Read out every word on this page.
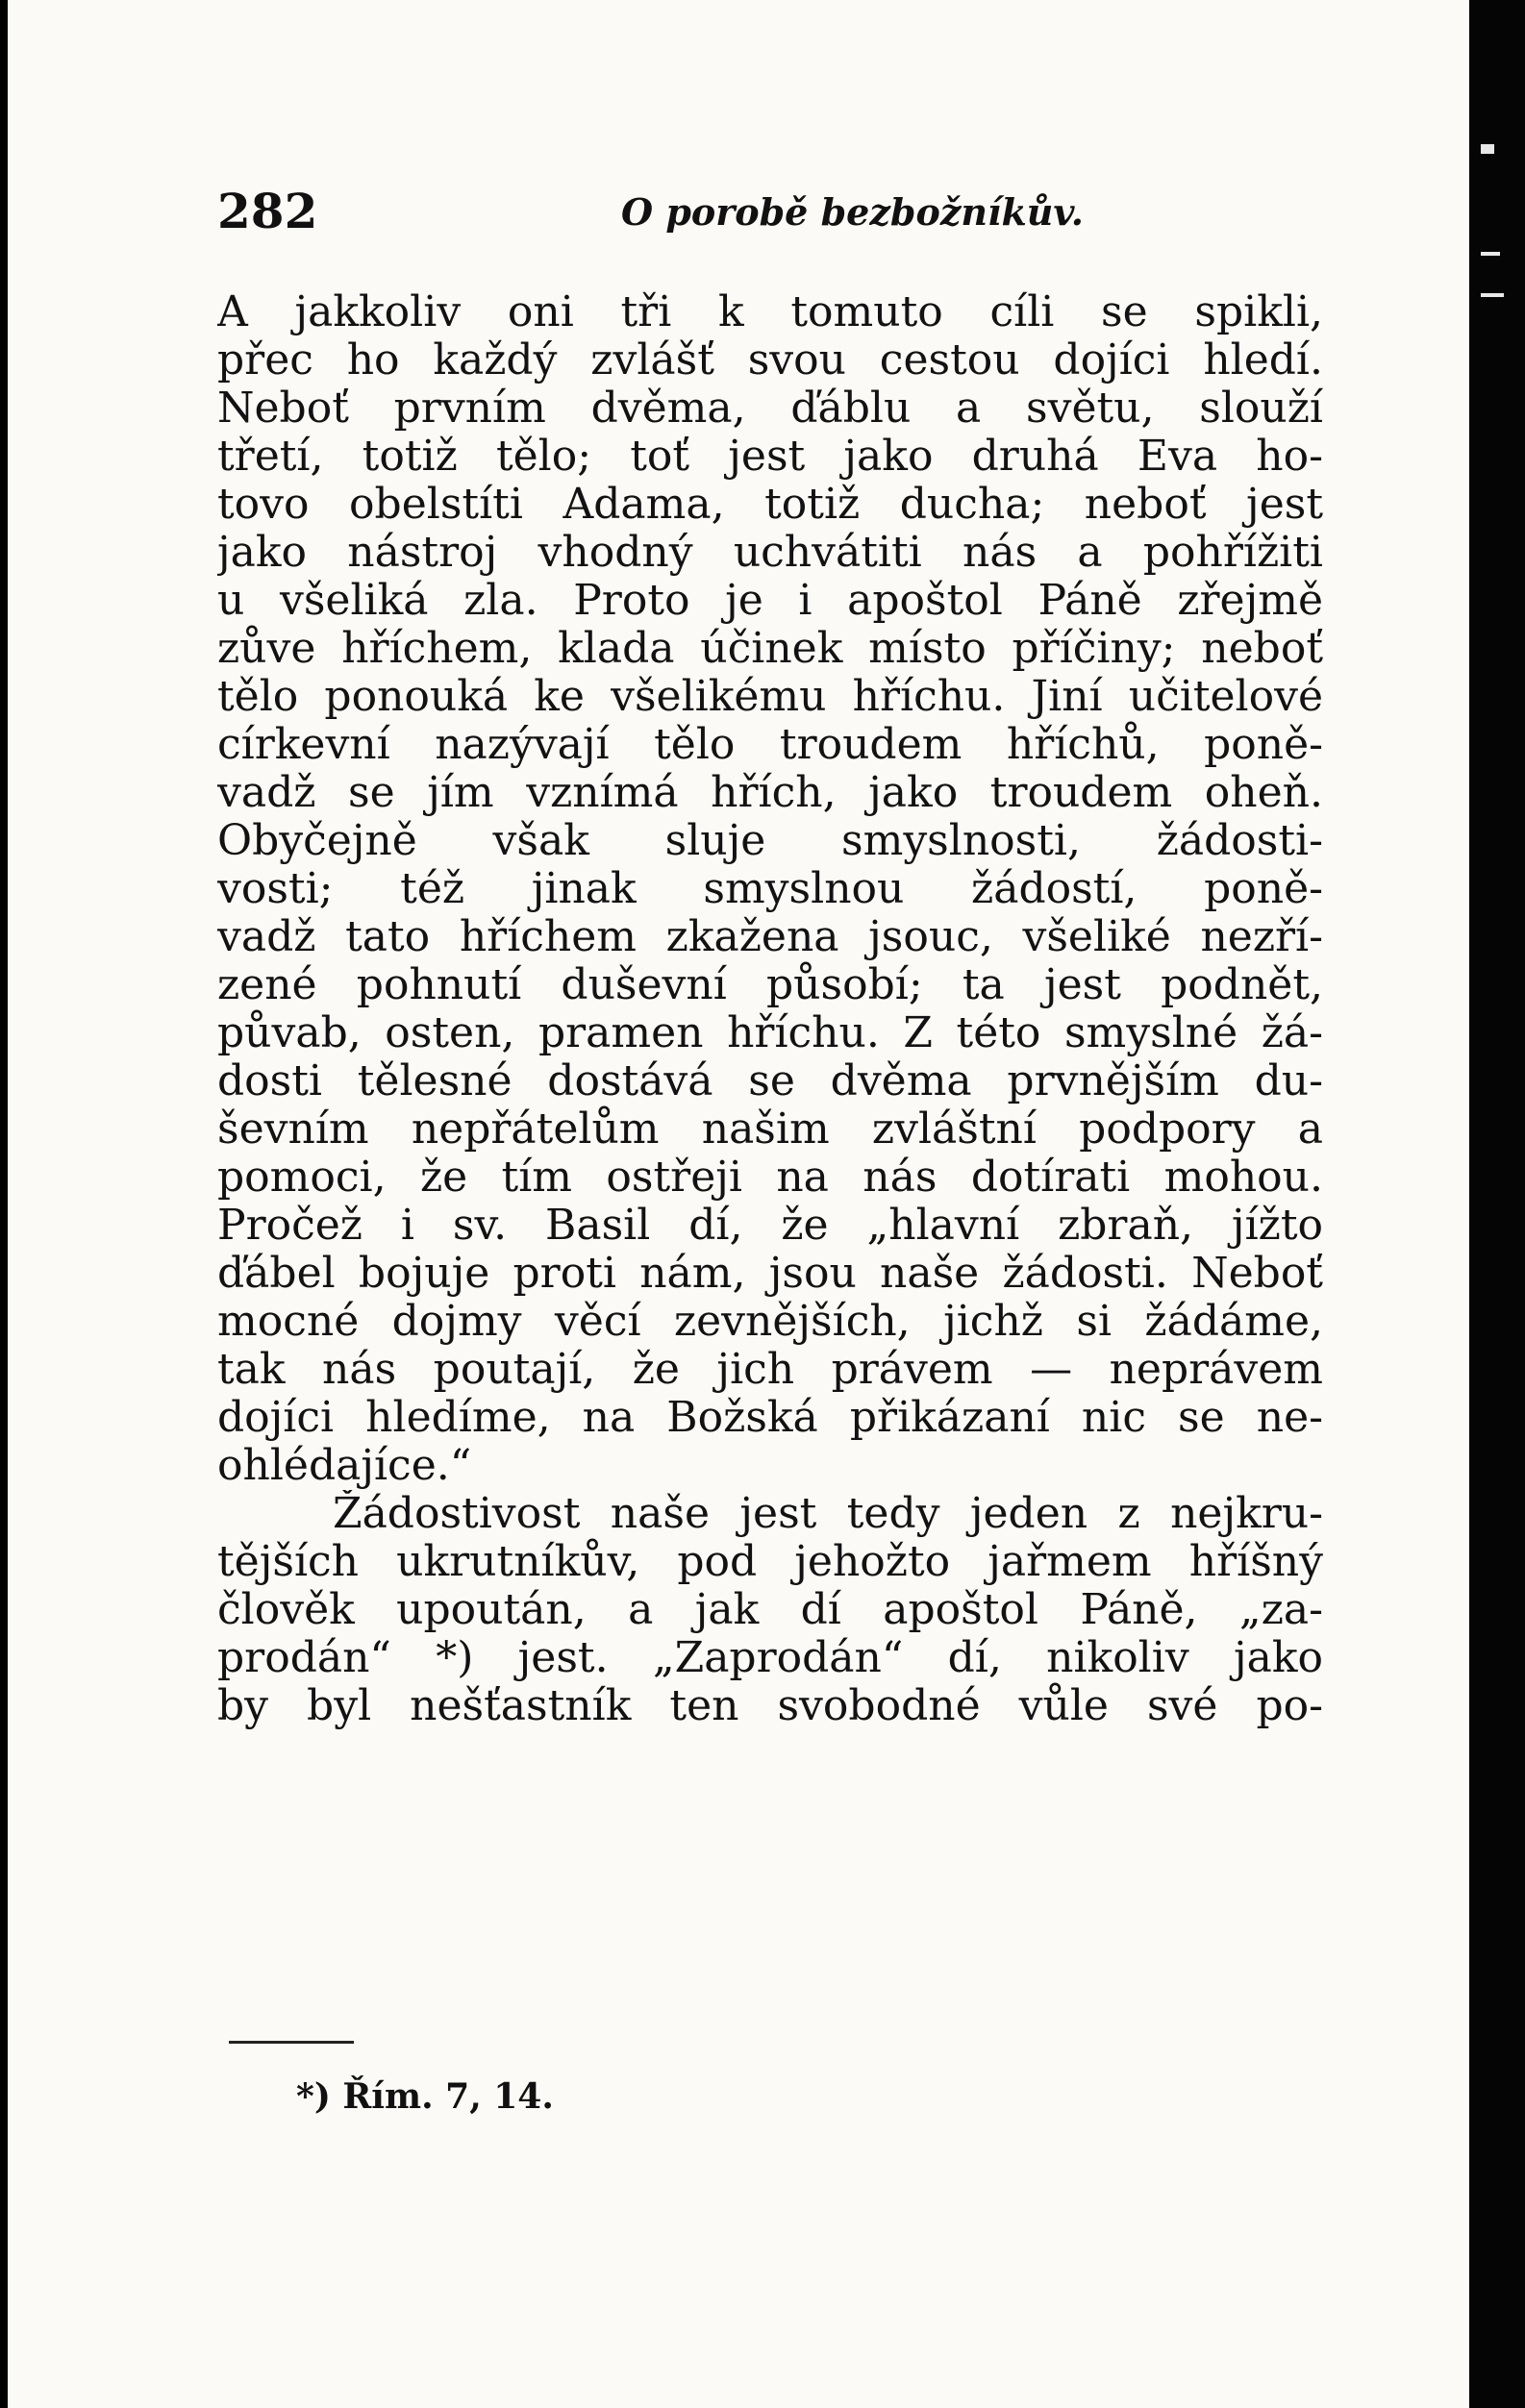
282	O porobě bezbožníkův.
A jakkoliv oni tři k tomuto cíli se spikli,
přec ho každý zvlášť svou cestou dojíci hledí.
Neboť prvním dvěma, ďáblu a světu, slouží
třetí, totiž tělo; toť jest jako druhá Eva ho-
tovo obelstíti Adama, totiž ducha; neboť jest
jako nástroj vhodný uchvátiti nás a pohřížiti
u všeliká zla. Proto je i apoštol Páně zřejmě
zůve hříchem, klada účinek místo příčiny; neboť
tělo ponouká ke všelikému hříchu. Jiní učitelové
církevní nazývají tělo troudem hříchů, poně-
vadž se jím vznímá hřích, jako troudem oheň.
Obyčejně však sluje smyslnosti, žádosti-
vosti; též jinak smyslnou žádostí, poně-
vadž tato hříchem zkažena jsouc, všeliké nezří-
zené pohnutí duševní působí; ta jest podnět,
půvab, osten, pramen hříchu. Z této smyslné žá-
dosti tělesné dostává se dvěma prvnějším du-
ševním nepřátelům našim zvláštní podpory a
pomoci, že tím ostřeji na nás dotírati mohou.
Pročež i sv. Basil dí, že „hlavní zbraň, jížto
ďábel bojuje proti nám, jsou naše žádosti. Neboť
mocné dojmy věcí zevnějších, jichž si žádáme,
tak nás poutají, že jich právem — neprávem
dojíci hledíme, na Božská přikázaní nic se ne-
ohlédajíce.“
Žádostivost naše jest tedy jeden z nejkru-
tějších ukrutníkův, pod jehožto jařmem hříšný
člověk upoután, a jak dí apoštol Páně, „za-
prodán“ *) jest. „Zaprodán“ dí, nikoliv jako
by byl nešťastník ten svobodné vůle své po-
*) Řím. 7, 14.
